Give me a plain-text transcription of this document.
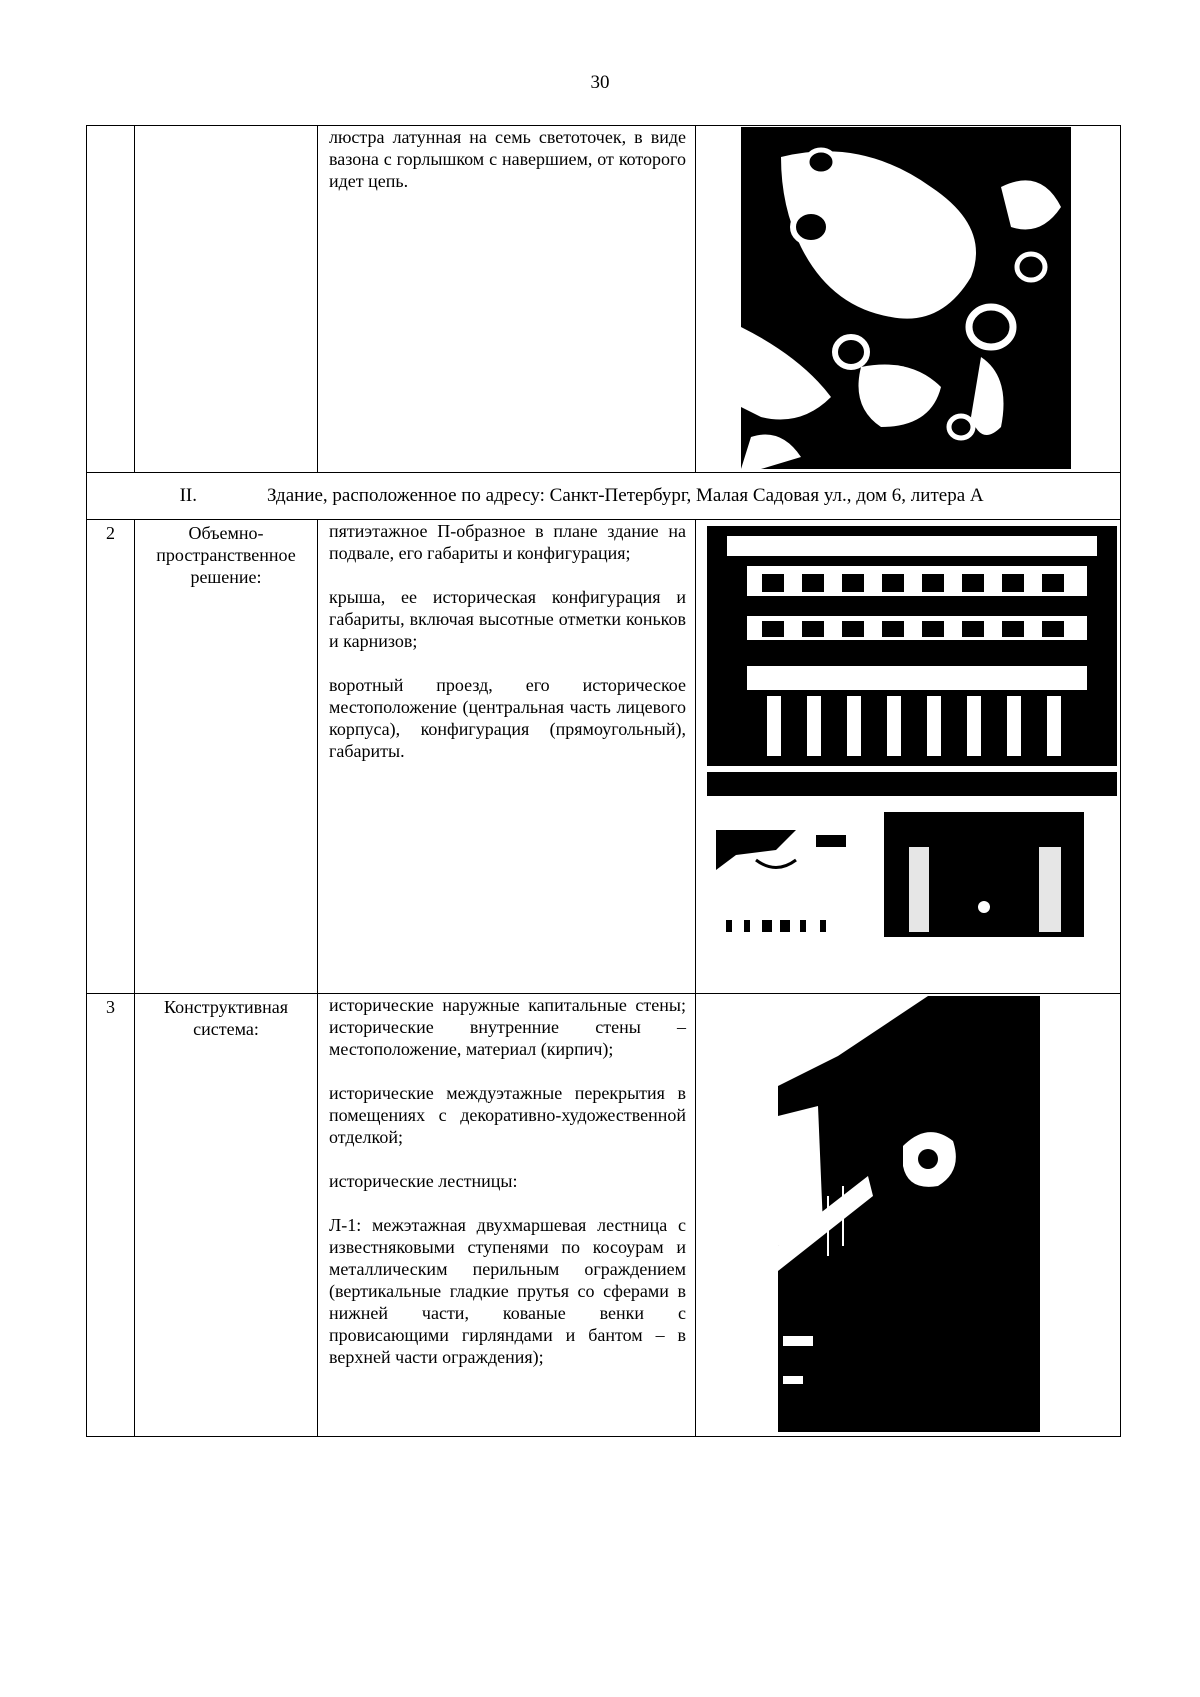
30

		люстра латунная на семь светоточек, в виде вазона с горлышком с навершием, от которого идет цепь.

II. Здание, расположенное по адресу: Санкт-Петербург, Малая Садовая ул., дом 6, литера А			

2	Объемно-пространственное решение:	пятиэтажное П-образное в плане здание на подвале, его габариты и конфигурация;

крыша, ее историческая конфигурация и габариты, включая высотные отметки коньков и карнизов;

воротный проезд, его историческое местоположение (центральная часть лицевого корпуса), конфигурация (прямоугольный), габариты.

3	Конструктивная система:	исторические наружные капитальные стены; исторические внутренние стены – местоположение, материал (кирпич);

исторические междуэтажные перекрытия в помещениях с декоративно-художественной отделкой;

исторические лестницы:

Л-1: межэтажная двухмаршевая лестница с известняковыми ступенями по косоурам и металлическим перильным ограждением (вертикальные гладкие прутья со сферами в нижней части, кованые венки с провисающими гирляндами и бантом – в верхней части ограждения);
